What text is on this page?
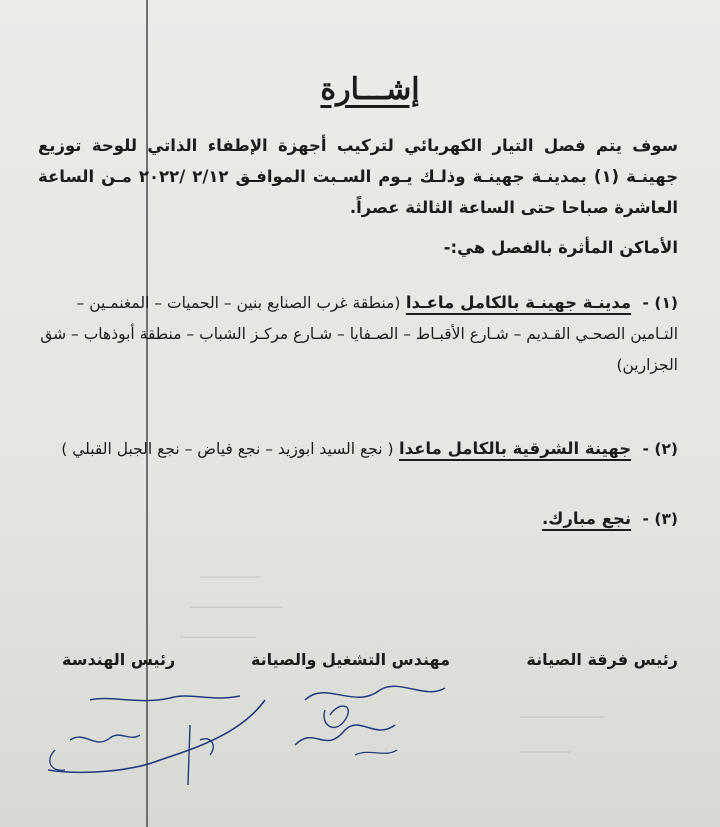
───────
───────────
─────────
──────────
──────
إشـــارة
سوف يتم فصل التيار الكهربائي لتركيب أجهزة الإطفاء الذاتي للوحة توزيع جهينـة (١) بمدينـة جهينـة وذلـك يـوم السـبت الموافـق ٢/١٢ /٢٠٢٢ مـن الساعة العاشرة صباحا حتى الساعة الثالثة عصراً.
الأماكن المأثرة بالفصل هي:-
(١) - مدينـة جهينـة بالكامل ماعـدا (منطقة غرب الصنايع بنين – الحميات – المغنمـين – التـامين الصحـي القـديم – شـارع الأقبـاط – الصـفايا – شـارع مركـز الشباب – منطقة أبوذهاب – شق الجزارين)
(٢) - جهينة الشرقية بالكامل ماعدا ( نجع السيد ابوزيد – نجع فياض – نجع الجبل القبلي )
(٣) - نجع مبارك.
رئيس فرقة الصيانة
مهندس التشغيل والصيانة
رئيس الهندسة
